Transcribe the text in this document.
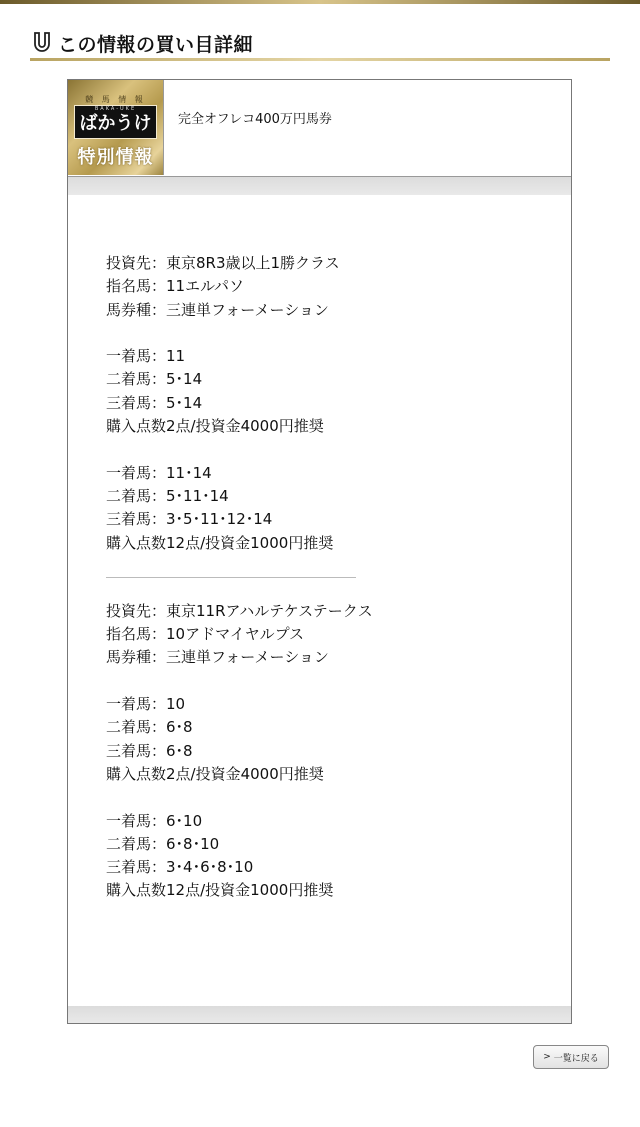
この情報の買い目詳細
競 馬 情 報
BAKA-UKE
ばかうけ
特別情報
完全オフレコ400万円馬券
投資先：東京8R3歳以上1勝クラス
指名馬：11エルパソ
馬券種：三連単フォーメーション
一着馬：11
二着馬：5･14
三着馬：5･14
購入点数2点/投資金4000円推奨
一着馬：11･14
二着馬：5･11･14
三着馬：3･5･11･12･14
購入点数12点/投資金1000円推奨
投資先：東京11Rアハルテケステークス
指名馬：10アドマイヤルプス
馬券種：三連単フォーメーション
一着馬：10
二着馬：6･8
三着馬：6･8
購入点数2点/投資金4000円推奨
一着馬：6･10
二着馬：6･8･10
三着馬：3･4･6･8･10
購入点数12点/投資金1000円推奨
> 一覧に戻る
